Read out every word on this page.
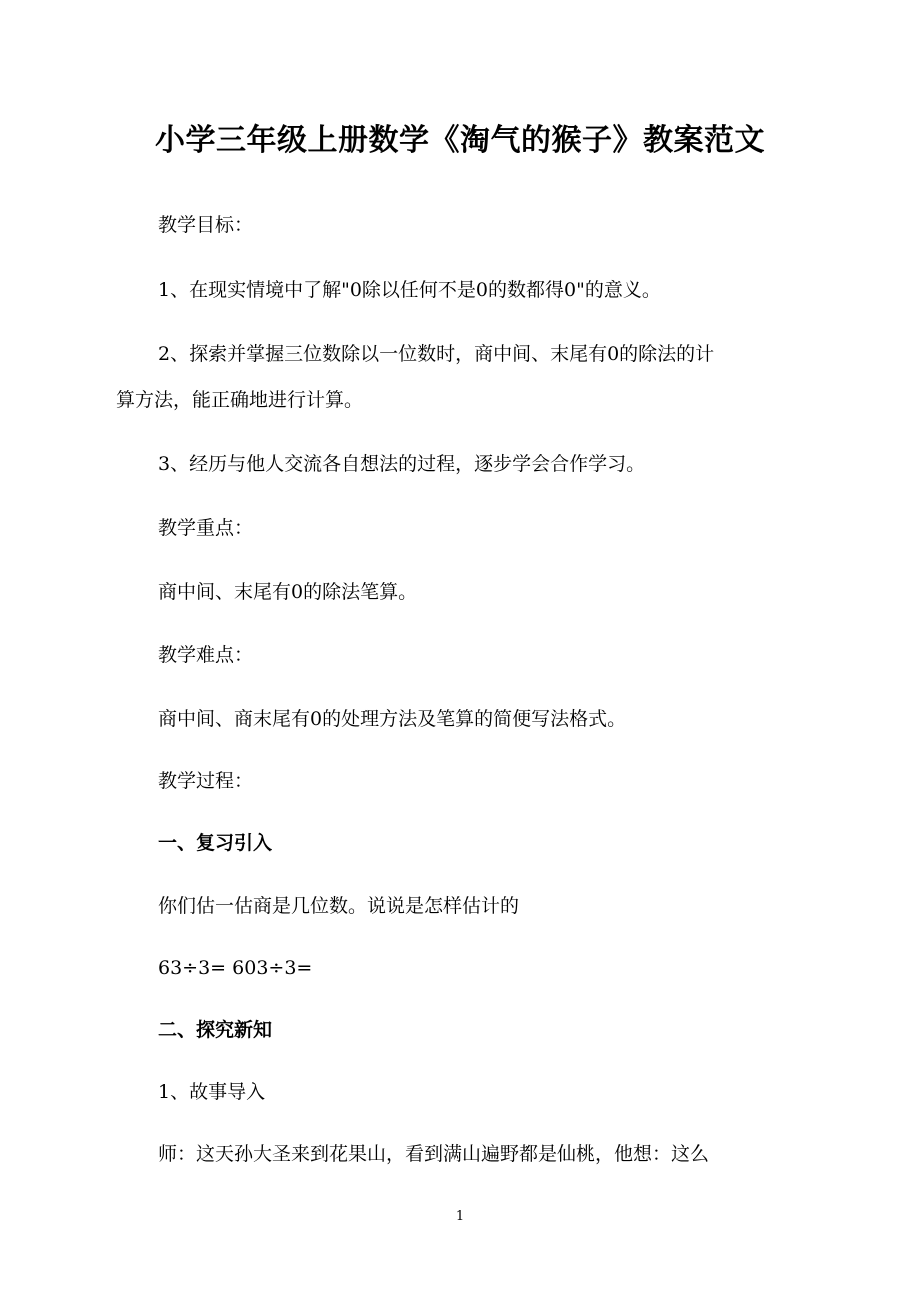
小学三年级上册数学《淘气的猴子》教案范文
教学目标：
1、在现实情境中了解"0除以任何不是0的数都得0"的意义。
2、探索并掌握三位数除以一位数时，商中间、末尾有0的除法的计
算方法，能正确地进行计算。
3、经历与他人交流各自想法的过程，逐步学会合作学习。
教学重点：
商中间、末尾有0的除法笔算。
教学难点：
商中间、商末尾有0的处理方法及笔算的简便写法格式。
教学过程：
一、复习引入
你们估一估商是几位数。说说是怎样估计的
63÷3= 603÷3=
二、探究新知
1、故事导入
师：这天孙大圣来到花果山，看到满山遍野都是仙桃，他想：这么
1
